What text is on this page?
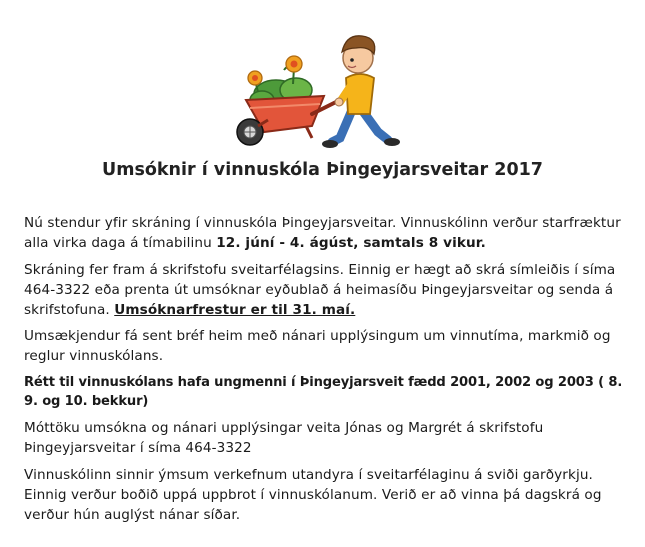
Umsóknir í vinnuskóla Þingeyjarsveitar 2017

Nú stendur yfir skráning í vinnuskóla Þingeyjarsveitar. Vinnuskólinn verður starfræktur alla virka daga á tímabilinu 12. júní - 4. ágúst, samtals 8 vikur.

Skráning fer fram á skrifstofu sveitarfélagsins. Einnig er hægt að skrá símleiðis í síma 464-3322 eða prenta út umsóknar eyðublað á heimasíðu Þingeyjarsveitar og senda á skrifstofuna. Umsóknarfrestur er til 31. maí.

Umsækjendur fá sent bréf heim með nánari upplýsingum um vinnutíma, markmið og reglur vinnuskólans.

Rétt til vinnuskólans hafa ungmenni í Þingeyjarsveit fædd 2001, 2002 og 2003 ( 8. 9. og 10. bekkur)

Móttöku umsókna og nánari upplýsingar veita Jónas og Margrét á skrifstofu Þingeyjarsveitar í síma 464-3322

Vinnuskólinn sinnir ýmsum verkefnum utandyra í sveitarfélaginu á sviði garðyrkju. Einnig verður boðið uppá uppbrot í vinnuskólanum. Verið er að vinna þá dagskrá og verður hún auglýst nánar síðar.
